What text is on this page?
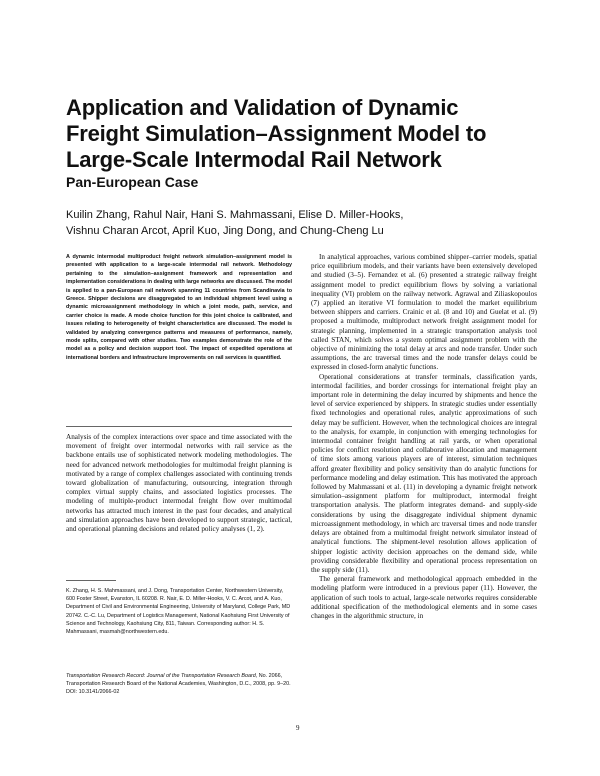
Application and Validation of Dynamic Freight Simulation–Assignment Model to Large-Scale Intermodal Rail Network
Pan-European Case
Kuilin Zhang, Rahul Nair, Hani S. Mahmassani, Elise D. Miller-Hooks,
Vishnu Charan Arcot, April Kuo, Jing Dong, and Chung-Cheng Lu

A dynamic intermodal multiproduct freight network simulation–assignment model is presented with application to a large-scale intermodal rail network. Methodology pertaining to the simulation–assignment framework and representation and implementation considerations in dealing with large networks are discussed. The model is applied to a pan-European rail network spanning 11 countries from Scandinavia to Greece. Shipper decisions are disaggregated to an individual shipment level using a dynamic microassignment methodology in which a joint mode, path, service, and carrier choice is made. A mode choice function for this joint choice is calibrated, and issues relating to heterogeneity of freight characteristics are discussed. The model is validated by analyzing convergence patterns and measures of performance, namely, mode splits, compared with other studies. Two examples demonstrate the role of the model as a policy and decision support tool. The impact of expedited operations at international borders and infrastructure improvements on rail services is quantified.

Analysis of the complex interactions over space and time associated with the movement of freight over intermodal networks with rail service as the backbone entails use of sophisticated network modeling methodologies. The need for advanced network methodologies for multimodal freight planning is motivated by a range of complex challenges associated with continuing trends toward globalization of manufacturing, outsourcing, integration through complex virtual supply chains, and associated logistics processes. The modeling of multiple-product intermodal freight flow over multimodal networks has attracted much interest in the past four decades, and analytical and simulation approaches have been developed to support strategic, tactical, and operational planning decisions and related policy analyses (1, 2).

K. Zhang, H. S. Mahmassani, and J. Dong, Transportation Center, Northwestern University, 600 Foster Street, Evanston, IL 60208. R. Nair, E. D. Miller-Hooks, V. C. Arcot, and A. Kuo, Department of Civil and Environmental Engineering, University of Maryland, College Park, MD 20742. C.-C. Lu, Department of Logistics Management, National Kaohsiung First University of Science and Technology, Kaohsiung City, 811, Taiwan. Corresponding author: H. S. Mahmassani, masmah@northwestern.edu.

Transportation Research Record: Journal of the Transportation Research Board, No. 2066, Transportation Research Board of the National Academies, Washington, D.C., 2008, pp. 9–20.
DOI: 10.3141/2066-02

In analytical approaches, various combined shipper–carrier models, spatial price equilibrium models, and their variants have been extensively developed and studied (3–5). Fernandez et al. (6) presented a strategic railway freight assignment model to predict equilibrium flows by solving a variational inequality (VI) problem on the railway network. Agrawal and Ziliaskopoulos (7) applied an iterative VI formulation to model the market equilibrium between shippers and carriers. Crainic et al. (8 and 10) and Guelat et al. (9) proposed a multimode, multiproduct network freight assignment model for strategic planning, implemented in a strategic transportation analysis tool called STAN, which solves a system optimal assignment problem with the objective of minimizing the total delay at arcs and node transfer. Under such assumptions, the arc traversal times and the node transfer delays could be expressed in closed-form analytic functions.

Operational considerations at transfer terminals, classification yards, intermodal facilities, and border crossings for international freight play an important role in determining the delay incurred by shipments and hence the level of service experienced by shippers. In strategic studies under essentially fixed technologies and operational rules, analytic approximations of such delay may be sufficient. However, when the technological choices are integral to the analysis, for example, in conjunction with emerging technologies for intermodal container freight handling at rail yards, or when operational policies for conflict resolution and collaborative allocation and management of time slots among various players are of interest, simulation techniques afford greater flexibility and policy sensitivity than do analytic functions for performance modeling and delay estimation. This has motivated the approach followed by Mahmassani et al. (11) in developing a dynamic freight network simulation–assignment platform for multiproduct, intermodal freight transportation analysis. The platform integrates demand- and supply-side considerations by using the disaggregate individual shipment dynamic microassignment methodology, in which arc traversal times and node transfer delays are obtained from a multimodal freight network simulator instead of analytical functions. The shipment-level resolution allows application of shipper logistic activity decision approaches on the demand side, while providing considerable flexibility and operational process representation on the supply side (11).

The general framework and methodological approach embedded in the modeling platform were introduced in a previous paper (11). However, the application of such tools to actual, large-scale networks requires considerable additional specification of the methodological elements and in some cases changes in the algorithmic structure, in

9
